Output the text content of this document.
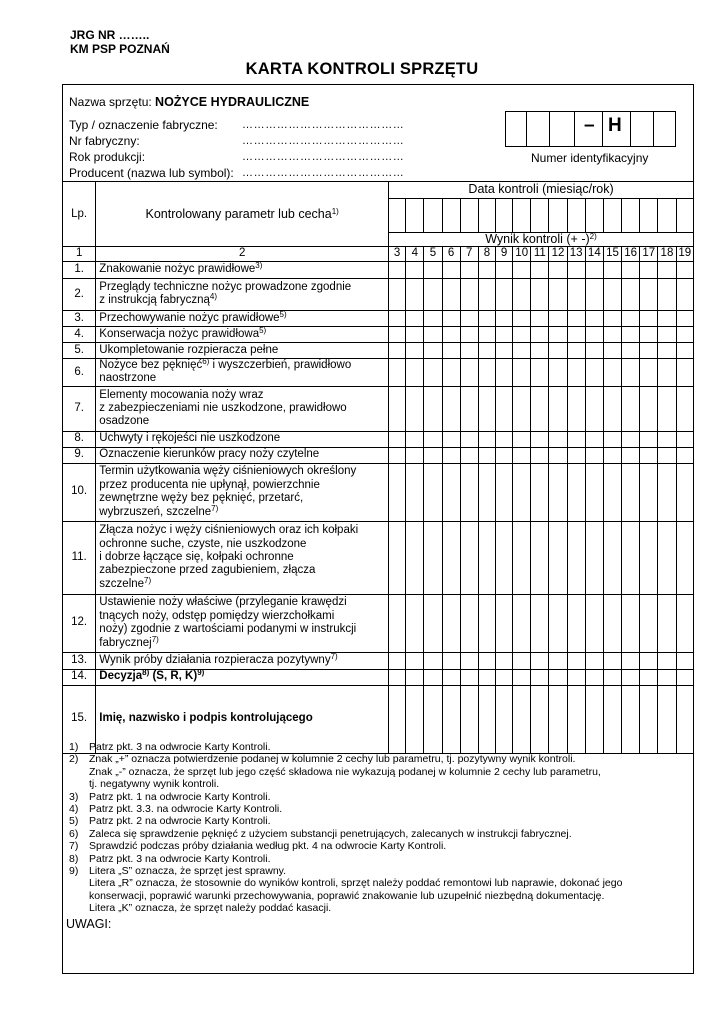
JRG NR ……..
KM PSP POZNAŃ
KARTA KONTROLI SPRZĘTU
Nazwa sprzętu: NOŻYCE HYDRAULICZNE
Typ / oznaczenie fabryczne:
Nr fabryczny:
Rok produkcji:
Producent (nazwa lub symbol):
……………………………………
……………………………………
……………………………………
……………………………………
– H
Numer identyfikacyjny
Lp.	Kontrolowany parametr lub cecha$^{1)}$	Data kontroli (miesiąc/rok)																

		Wynik kontroli (+ -)$^{2)}$
1	2	3	4	5	6	7	8	9	10	11	12	13	14	15	16	17	18	19
1.	Znakowanie nożyc prawidłowe$^{3)}$

2.	Przeglądy techniczne nożyc prowadzone zgodnie
z instrukcją fabryczną$^{4)}$

3.	Przechowywanie nożyc prawidłowe$^{5)}$

4.	Konserwacja nożyc prawidłowa$^{5)}$

5.	Ukompletowanie rozpieracza pełne																	

6.	Nożyce bez pęknięć$^{6)}$ i wyszczerbień, prawidłowo
naostrzone																	

7.	Elementy mocowania noży wraz
z zabezpieczeniami nie uszkodzone, prawidłowo
osadzone																	

8.	Uchwyty i rękojeści nie uszkodzone																	

9.	Oznaczenie kierunków pracy noży czytelne																	

10.	Termin użytkowania węży ciśnieniowych określony
przez producenta nie upłynął, powierzchnie
zewnętrzne węży bez pęknięć, przetarć,
wybrzuszeń, szczelne$^{7)}$

11.	Złącza nożyc i węży ciśnieniowych oraz ich kołpaki
ochronne suche, czyste, nie uszkodzone
i dobrze łączące się, kołpaki ochronne
zabezpieczone przed zagubieniem, złącza
szczelne$^{7)}$

12.	Ustawienie noży właściwe (przyleganie krawędzi
tnących noży, odstęp pomiędzy wierzchołkami
noży) zgodnie z wartościami podanymi w instrukcji
fabrycznej$^{7)}$

13.	Wynik próby działania rozpieracza pozytywny$^{7)}$

14.	Decyzja$^{8)}$ (S, R, K)$^{9)}$

15.	Imię, nazwisko i podpis kontrolującego																	

1) Patrz pkt. 3 na odwrocie Karty Kontroli.
2) Znak „+” oznacza potwierdzenie podanej w kolumnie 2 cechy lub parametru, tj. pozytywny wynik kontroli.
Znak „-” oznacza, że sprzęt lub jego część składowa nie wykazują podanej w kolumnie 2 cechy lub parametru,
tj. negatywny wynik kontroli.
3) Patrz pkt. 1 na odwrocie Karty Kontroli.
4) Patrz pkt. 3.3. na odwrocie Karty Kontroli.
5) Patrz pkt. 2 na odwrocie Karty Kontroli.
6) Zaleca się sprawdzenie pęknięć z użyciem substancji penetrujących, zalecanych w instrukcji fabrycznej.
7) Sprawdzić podczas próby działania według pkt. 4 na odwrocie Karty Kontroli.
8) Patrz pkt. 3 na odwrocie Karty Kontroli.
9) Litera „S” oznacza, że sprzęt jest sprawny.
Litera „R” oznacza, że stosownie do wyników kontroli, sprzęt należy poddać remontowi lub naprawie, dokonać jego
konserwacji, poprawić warunki przechowywania, poprawić znakowanie lub uzupełnić niezbędną dokumentację.
Litera „K” oznacza, że sprzęt należy poddać kasacji.
UWAGI:
